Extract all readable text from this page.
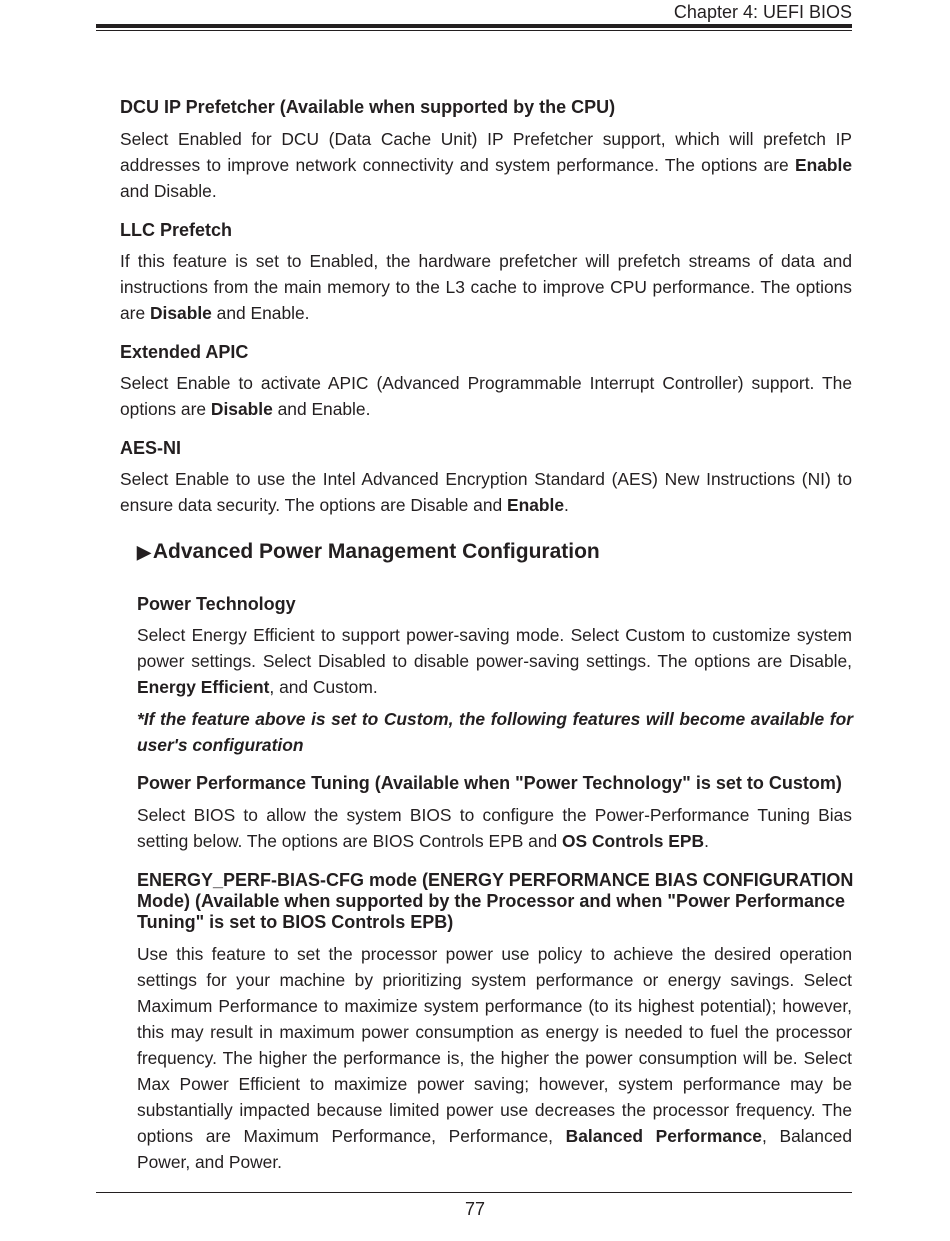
Chapter 4: UEFI BIOS
DCU IP Prefetcher (Available when supported by the CPU)

Select Enabled for DCU (Data Cache Unit) IP Prefetcher support, which will prefetch IP addresses to improve network connectivity and system performance. The options are Enable and Disable.

LLC Prefetch

If this feature is set to Enabled, the hardware prefetcher will prefetch streams of data and instructions from the main memory to the L3 cache to improve CPU performance. The options are Disable and Enable.

Extended APIC

Select Enable to activate APIC (Advanced Programmable Interrupt Controller) support. The options are Disable and Enable.

AES-NI

Select Enable to use the Intel Advanced Encryption Standard (AES) New Instructions (NI) to ensure data security. The options are Disable and Enable.

▶Advanced Power Management Configuration
Power Technology

Select Energy Efficient to support power-saving mode. Select Custom to customize system power settings. Select Disabled to disable power-saving settings. The options are Disable, Energy Efficient, and Custom.

*If the feature above is set to Custom, the following features will become available for user's configuration

Power Performance Tuning (Available when "Power Technology" is set to Custom)

Select BIOS to allow the system BIOS to configure the Power-Performance Tuning Bias setting below. The options are BIOS Controls EPB and OS Controls EPB.

ENERGY_PERF-BIAS-CFG mode (ENERGY PERFORMANCE BIAS CONFIGURATION Mode) (Available when supported by the Processor and when "Power Performance Tuning" is set to BIOS Controls EPB)

Use this feature to set the processor power use policy to achieve the desired operation settings for your machine by prioritizing system performance or energy savings. Select Maximum Performance to maximize system performance (to its highest potential); however, this may result in maximum power consumption as energy is needed to fuel the processor frequency. The higher the performance is, the higher the power consumption will be. Select Max Power Efficient to maximize power saving; however, system performance may be substantially impacted because limited power use decreases the processor frequency. The options are Maximum Performance, Performance, Balanced Performance, Balanced Power, and Power.

77
